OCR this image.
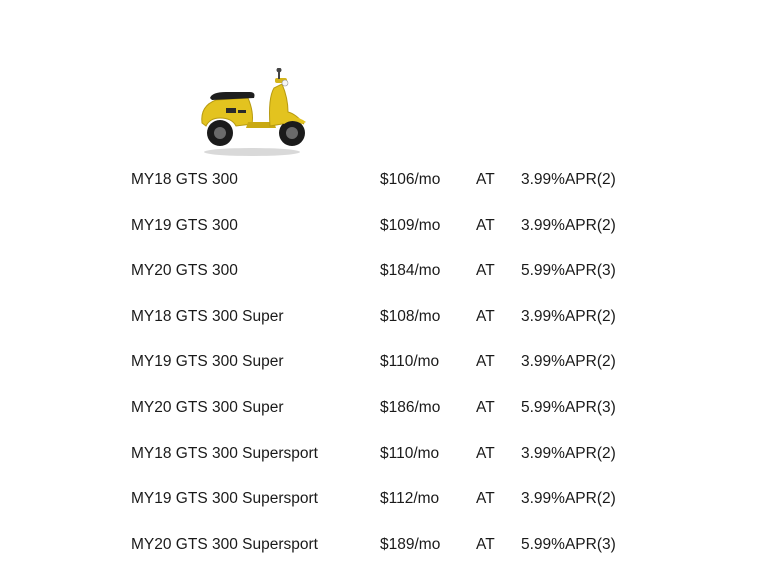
MY18 GTS 300	$106/mo AT 3.99%APR(2)
MY19 GTS 300	$109/mo AT 3.99%APR(2)
MY20 GTS 300	$184/mo AT 5.99%APR(3)
MY18 GTS 300 Super	$108/mo AT 3.99%APR(2)
MY19 GTS 300 Super	$110/mo AT 3.99%APR(2)
MY20 GTS 300 Super	$186/mo AT 5.99%APR(3)
MY18 GTS 300 Supersport	$110/mo AT 3.99%APR(2)
MY19 GTS 300 Supersport	$112/mo AT 3.99%APR(2)
MY20 GTS 300 Supersport	$189/mo AT 5.99%APR(3)
